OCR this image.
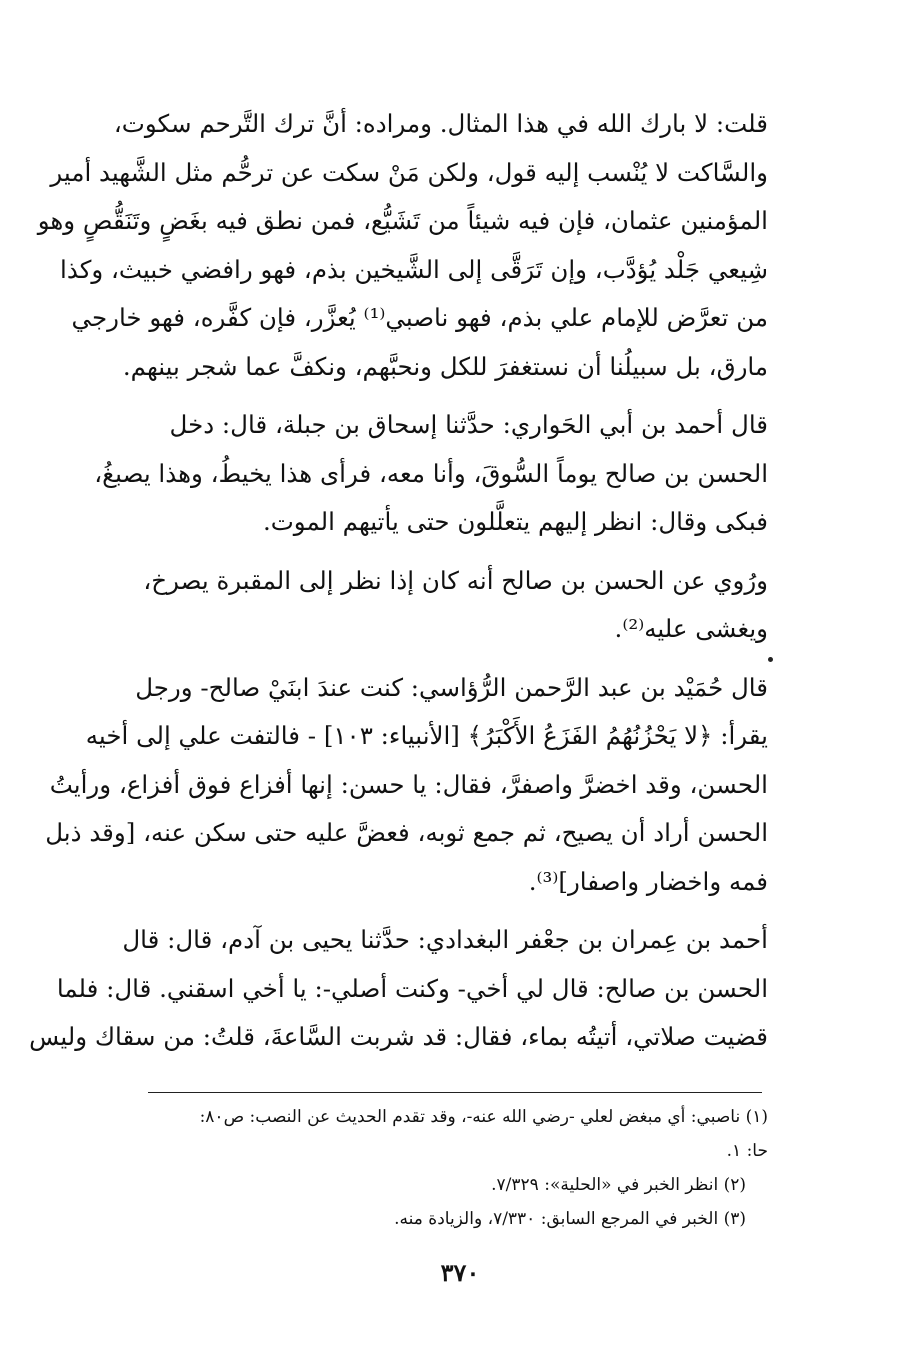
قلت: لا بارك الله في هذا المثال. ومراده: أنَّ ترك التَّرحم سكوت،
والسَّاكت لا يُنْسب إليه قول، ولكن مَنْ سكت عن ترحُّم مثل الشَّهيد أمير
المؤمنين عثمان، فإن فيه شيئاً من تَشَيُّع، فمن نطق فيه بغَضٍ وتَنَقُّصٍ وهو
شِيعي جَلْد يُؤدَّب، وإن تَرَقَّى إلى الشَّيخين بذم، فهو رافضي خبيث، وكذا
من تعرَّض للإمام علي بذم، فهو ناصبي⁽¹⁾ يُعزَّر، فإن كفَّره، فهو خارجي
مارق، بل سبيلُنا أن نستغفرَ للكل ونحبَّهم، ونكفَّ عما شجر بينهم.
قال أحمد بن أبي الحَواري: حدَّثنا إسحاق بن جبلة، قال: دخل
الحسن بن صالح يوماً السُّوقَ، وأنا معه، فرأى هذا يخيطُ، وهذا يصبغُ،
فبكى وقال: انظر إليهم يتعلَّلون حتى يأتيهم الموت.
ورُوي عن الحسن بن صالح أنه كان إذا نظر إلى المقبرة يصرخ،
ويغشى عليه⁽²⁾.
قال حُمَيْد بن عبد الرَّحمن الرُّؤاسي: كنت عندَ ابنَيْ صالح- ورجل
يقرأ: ﴿لا يَحْزُنُهُمُ الفَزَعُ الأَكْبَرُ﴾ [الأنبياء: ١٠٣] - فالتفت علي إلى أخيه
الحسن، وقد اخضرَّ واصفرَّ، فقال: يا حسن: إنها أفزاع فوق أفزاع، ورأيتُ
الحسن أراد أن يصيح، ثم جمع ثوبه، فعضَّ عليه حتى سكن عنه، [وقد ذبل
فمه واخضار واصفار]⁽³⁾.
أحمد بن عِمران بن جعْفر البغدادي: حدَّثنا يحيى بن آدم، قال: قال
الحسن بن صالح: قال لي أخي- وكنت أصلي-: يا أخي اسقني. قال: فلما
قضيت صلاتي، أتيتُه بماء، فقال: قد شربت السَّاعةَ، قلتُ: من سقاك وليس
(١) ناصبي: أي مبغض لعلي -رضي الله عنه-، وقد تقدم الحديث عن النصب: ص٨٠:
حا: ١.
(٢) انظر الخبر في «الحلية»: ٧/٣٢٩.
(٣) الخبر في المرجع السابق: ٧/٣٣٠، والزيادة منه.
٣٧٠
